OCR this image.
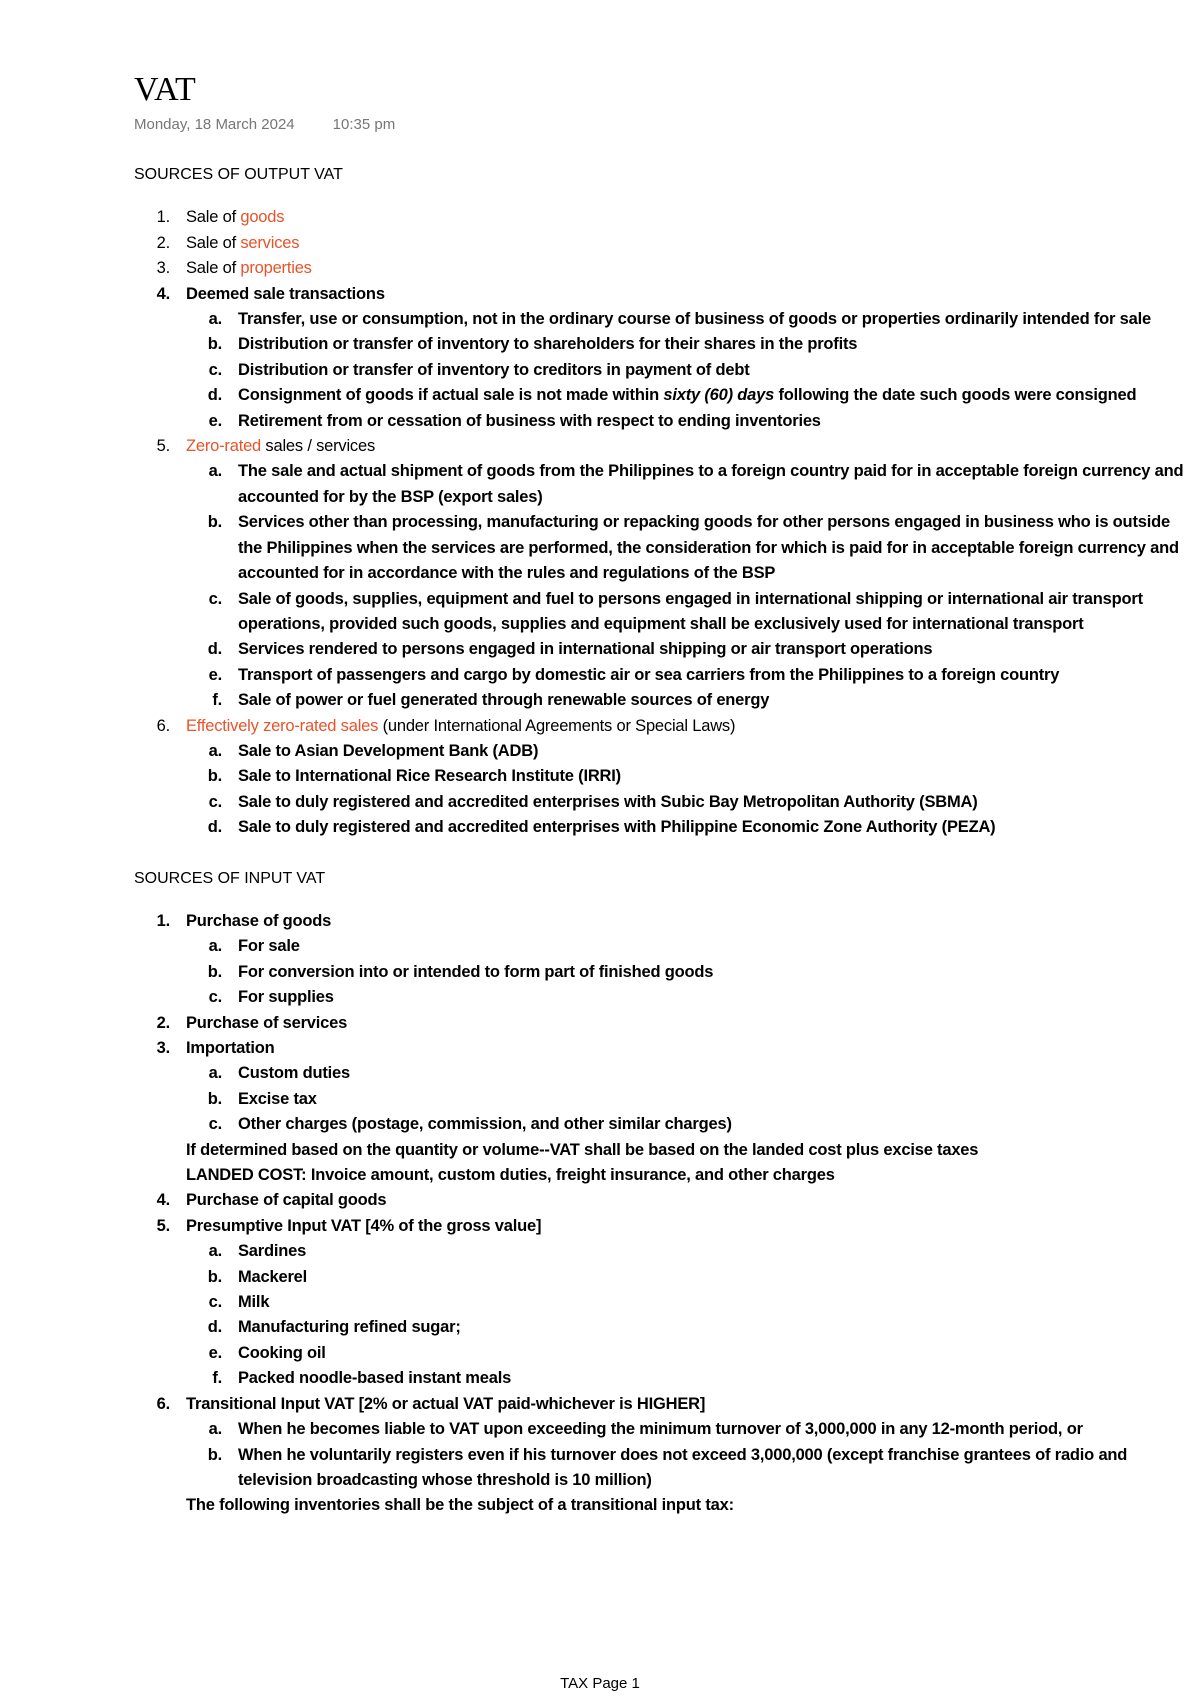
VAT
Monday, 18 March 2024	10:35 pm
SOURCES OF OUTPUT VAT
1. Sale of goods
2. Sale of services
3. Sale of properties
4. Deemed sale transactions
a. Transfer, use or consumption, not in the ordinary course of business of goods or properties ordinarily intended for sale
b. Distribution or transfer of inventory to shareholders for their shares in the profits
c. Distribution or transfer of inventory to creditors in payment of debt
d. Consignment of goods if actual sale is not made within sixty (60) days following the date such goods were consigned
e. Retirement from or cessation of business with respect to ending inventories
5. Zero-rated sales / services
a. The sale and actual shipment of goods from the Philippines to a foreign country paid for in acceptable foreign currency and accounted for by the BSP (export sales)
b. Services other than processing, manufacturing or repacking goods for other persons engaged in business who is outside the Philippines when the services are performed, the consideration for which is paid for in acceptable foreign currency and accounted for in accordance with the rules and regulations of the BSP
c. Sale of goods, supplies, equipment and fuel to persons engaged in international shipping or international air transport operations, provided such goods, supplies and equipment shall be exclusively used for international transport
d. Services rendered to persons engaged in international shipping or air transport operations
e. Transport of passengers and cargo by domestic air or sea carriers from the Philippines to a foreign country
f. Sale of power or fuel generated through renewable sources of energy
6. Effectively zero-rated sales (under International Agreements or Special Laws)
a. Sale to Asian Development Bank (ADB)
b. Sale to International Rice Research Institute (IRRI)
c. Sale to duly registered and accredited enterprises with Subic Bay Metropolitan Authority (SBMA)
d. Sale to duly registered and accredited enterprises with Philippine Economic Zone Authority (PEZA)
SOURCES OF INPUT VAT
1. Purchase of goods
a. For sale
b. For conversion into or intended to form part of finished goods
c. For supplies
2. Purchase of services
3. Importation
a. Custom duties
b. Excise tax
c. Other charges (postage, commission, and other similar charges)
If determined based on the quantity or volume--VAT shall be based on the landed cost plus excise taxes
LANDED COST: Invoice amount, custom duties, freight insurance, and other charges
4. Purchase of capital goods
5. Presumptive Input VAT [4% of the gross value]
a. Sardines
b. Mackerel
c. Milk
d. Manufacturing refined sugar;
e. Cooking oil
f. Packed noodle-based instant meals
6. Transitional Input VAT [2% or actual VAT paid-whichever is HIGHER]
a. When he becomes liable to VAT upon exceeding the minimum turnover of 3,000,000 in any 12-month period, or
b. When he voluntarily registers even if his turnover does not exceed 3,000,000 (except franchise grantees of radio and television broadcasting whose threshold is 10 million)
The following inventories shall be the subject of a transitional input tax:
TAX Page 1
